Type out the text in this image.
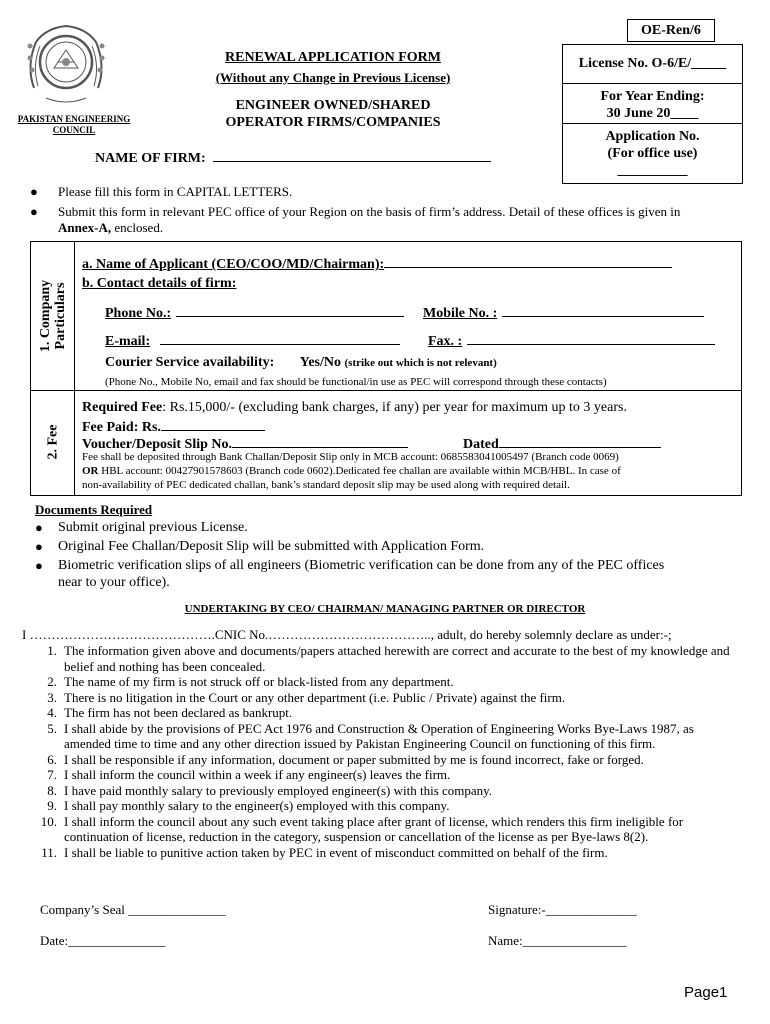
OE-Ren/6
PAKISTAN ENGINEERING COUNCIL
RENEWAL APPLICATION FORM
(Without any Change in Previous License)
ENGINEER OWNED/SHARED
OPERATOR FIRMS/COMPANIES
NAME OF FIRM:
License No. O-6/E/_____
For Year Ending:
30 June 20____
Application No.
(For office use)
__________
●	Please fill this form in CAPITAL LETTERS.
●	Submit this form in relevant PEC office of your Region on the basis of firm’s address. Detail of these offices is given in Annex-A, enclosed.
1. Company Particulars
a. Name of Applicant (CEO/COO/MD/Chairman):
b. Contact details of firm:
Phone No.:	Mobile No. :
E-mail:	Fax. :
Courier Service availability: Yes/No (strike out which is not relevant)
(Phone No., Mobile No, email and fax should be functional/in use as PEC will correspond through these contacts)
2. Fee
Required Fee: Rs.15,000/- (excluding bank charges, if any) per year for maximum up to 3 years.
Fee Paid: Rs.
Voucher/Deposit Slip No.	Dated
Fee shall be deposited through Bank Challan/Deposit Slip only in MCB account: 0685583041005497 (Branch code 0069)
OR HBL account: 00427901578603 (Branch code 0602).Dedicated fee challan are available within MCB/HBL. In case of
non-availability of PEC dedicated challan, bank’s standard deposit slip may be used along with required detail.
Documents Required
●	Submit original previous License.
●	Original Fee Challan/Deposit Slip will be submitted with Application Form.
●	Biometric verification slips of all engineers (Biometric verification can be done from any of the PEC offices near to your office).
UNDERTAKING BY CEO/ CHAIRMAN/ MANAGING PARTNER OR DIRECTOR
I …………………………………….CNIC No.……………………………….., adult, do hereby solemnly declare as under:-;
1. The information given above and documents/papers attached herewith are correct and accurate to the best of my knowledge and belief and nothing has been concealed.
2. The name of my firm is not struck off or black-listed from any department.
3. There is no litigation in the Court or any other department (i.e. Public / Private) against the firm.
4. The firm has not been declared as bankrupt.
5. I shall abide by the provisions of PEC Act 1976 and Construction & Operation of Engineering Works Bye-Laws 1987, as amended time to time and any other direction issued by Pakistan Engineering Council on functioning of this firm.
6. I shall be responsible if any information, document or paper submitted by me is found incorrect, fake or forged.
7. I shall inform the council within a week if any engineer(s) leaves the firm.
8. I have paid monthly salary to previously employed engineer(s) with this company.
9. I shall pay monthly salary to the engineer(s) employed with this company.
10. I shall inform the council about any such event taking place after grant of license, which renders this firm ineligible for continuation of license, reduction in the category, suspension or cancellation of the license as per Bye-laws 8(2).
11. I shall be liable to punitive action taken by PEC in event of misconduct committed on behalf of the firm.
Company’s Seal _______________	Signature:-______________
Date:_______________	Name:________________
Page1
